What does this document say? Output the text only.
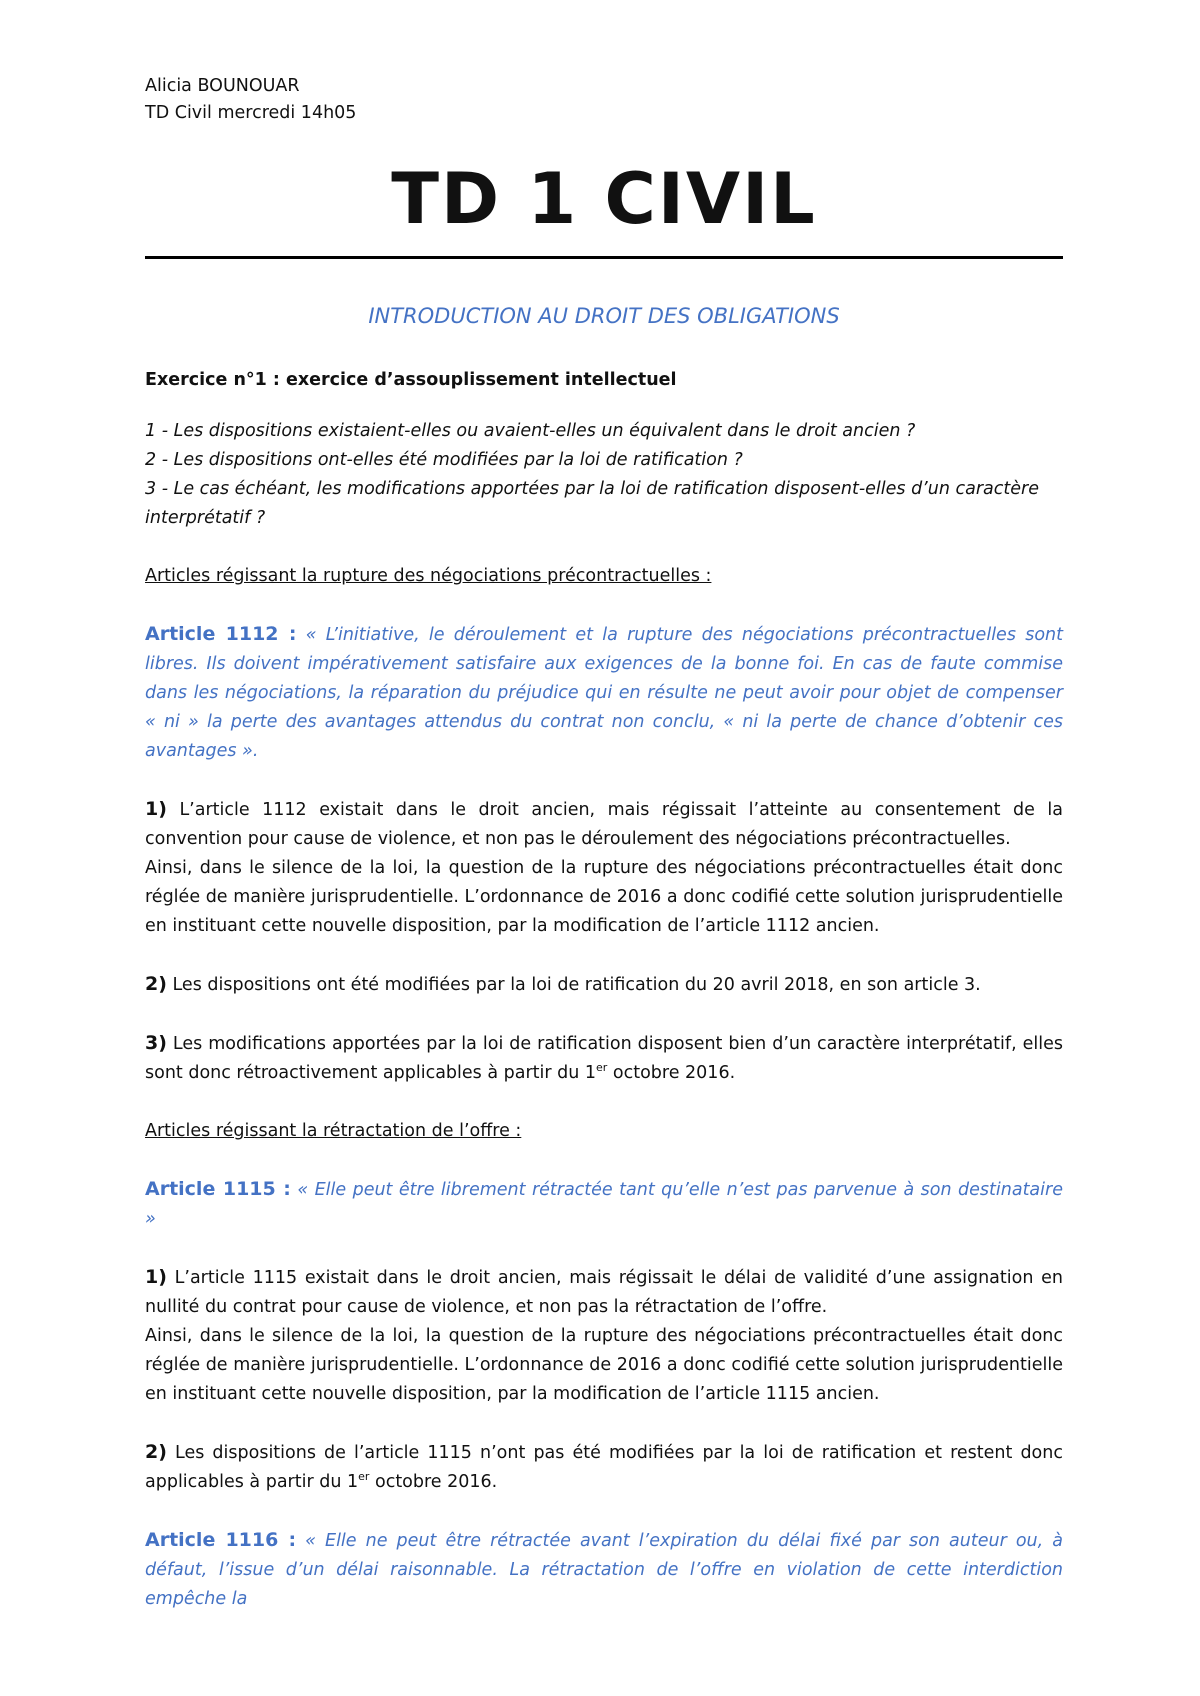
Alicia BOUNOUAR
TD Civil mercredi 14h05
TD 1 CIVIL
INTRODUCTION AU DROIT DES OBLIGATIONS
Exercice n°1 : exercice d’assouplissement intellectuel

1 - Les dispositions existaient-elles ou avaient-elles un équivalent dans le droit ancien ?

2 - Les dispositions ont-elles été modifiées par la loi de ratification ?

3 - Le cas échéant, les modifications apportées par la loi de ratification disposent-elles d’un caractère interprétatif ?

Articles régissant la rupture des négociations précontractuelles :
Article 1112 : « L’initiative, le déroulement et la rupture des négociations précontractuelles sont libres. Ils doivent impérativement satisfaire aux exigences de la bonne foi. En cas de faute commise dans les négociations, la réparation du préjudice qui en résulte ne peut avoir pour objet de compenser « ni » la perte des avantages attendus du contrat non conclu, « ni la perte de chance d’obtenir ces avantages ».

1) L’article 1112 existait dans le droit ancien, mais régissait l’atteinte au consentement de la convention pour cause de violence, et non pas le déroulement des négociations précontractuelles.

Ainsi, dans le silence de la loi, la question de la rupture des négociations précontractuelles était donc réglée de manière jurisprudentielle. L’ordonnance de 2016 a donc codifié cette solution jurisprudentielle en instituant cette nouvelle disposition, par la modification de l’article 1112 ancien.

2) Les dispositions ont été modifiées par la loi de ratification du 20 avril 2018, en son article 3.

3) Les modifications apportées par la loi de ratification disposent bien d’un caractère interprétatif, elles sont donc rétroactivement applicables à partir du 1er octobre 2016.

Articles régissant la rétractation de l’offre :
Article 1115 : « Elle peut être librement rétractée tant qu’elle n’est pas parvenue à son destinataire »

1) L’article 1115 existait dans le droit ancien, mais régissait le délai de validité d’une assignation en nullité du contrat pour cause de violence, et non pas la rétractation de l’offre.

Ainsi, dans le silence de la loi, la question de la rupture des négociations précontractuelles était donc réglée de manière jurisprudentielle. L’ordonnance de 2016 a donc codifié cette solution jurisprudentielle en instituant cette nouvelle disposition, par la modification de l’article 1115 ancien.

2) Les dispositions de l’article 1115 n’ont pas été modifiées par la loi de ratification et restent donc applicables à partir du 1er octobre 2016.

Article 1116 : « Elle ne peut être rétractée avant l’expiration du délai fixé par son auteur ou, à défaut, l’issue d’un délai raisonnable. La rétractation de l’offre en violation de cette interdiction empêche la
